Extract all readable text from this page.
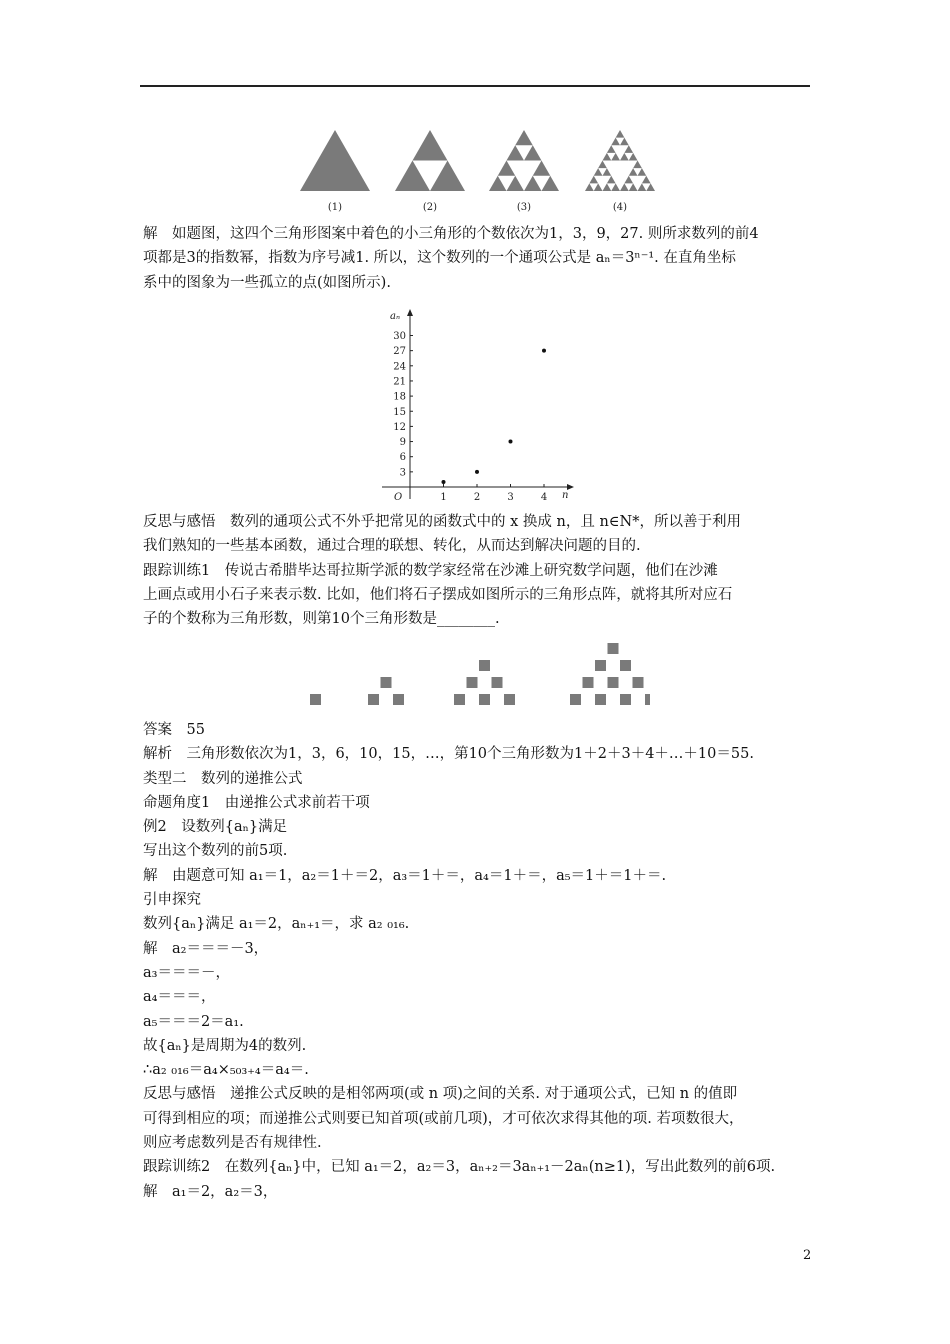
(1)	(2)	(3)	(4)

解　如题图，这四个三角形图案中着色的小三角形的个数依次为1，3，9，27. 则所求数列的前4

项都是3的指数幂，指数为序号减1. 所以，这个数列的一个通项公式是 aₙ＝3ⁿ⁻¹. 在直角坐标

系中的图象为一些孤立的点(如图所示).

aₙ
n
O
3
6
9
12
15
18
21
24
27
30
1	2	3	4

反思与感悟　数列的通项公式不外乎把常见的函数式中的 x 换成 n，且 n∈N*，所以善于利用

我们熟知的一些基本函数，通过合理的联想、转化，从而达到解决问题的目的.

跟踪训练1　传说古希腊毕达哥拉斯学派的数学家经常在沙滩上研究数学问题，他们在沙滩

上画点或用小石子来表示数. 比如，他们将石子摆成如图所示的三角形点阵，就将其所对应石

子的个数称为三角形数，则第10个三角形数是________.

答案　55

解析　三角形数依次为1，3，6，10，15，…，第10个三角形数为1＋2＋3＋4＋…＋10＝55.

类型二　数列的递推公式

命题角度1　由递推公式求前若干项

例2　设数列{aₙ}满足

写出这个数列的前5项.

解　由题意可知 a₁＝1，a₂＝1＋＝2，a₃＝1＋＝，a₄＝1＋＝，a₅＝1＋＝1＋＝.

引申探究

数列{aₙ}满足 a₁＝2，aₙ₊₁＝，求 a₂ ₀₁₆.

解　a₂＝＝＝－3，

a₃＝＝＝－，

a₄＝＝＝，

a₅＝＝＝2＝a₁.

故{aₙ}是周期为4的数列.

∴a₂ ₀₁₆＝a₄×₅₀₃₊₄＝a₄＝.

反思与感悟　递推公式反映的是相邻两项(或 n 项)之间的关系. 对于通项公式，已知 n 的值即

可得到相应的项；而递推公式则要已知首项(或前几项)，才可依次求得其他的项. 若项数很大，

则应考虑数列是否有规律性.

跟踪训练2　在数列{aₙ}中，已知 a₁＝2，a₂＝3，aₙ₊₂＝3aₙ₊₁－2aₙ(n≥1)，写出此数列的前6项.

解　a₁＝2，a₂＝3，

2
